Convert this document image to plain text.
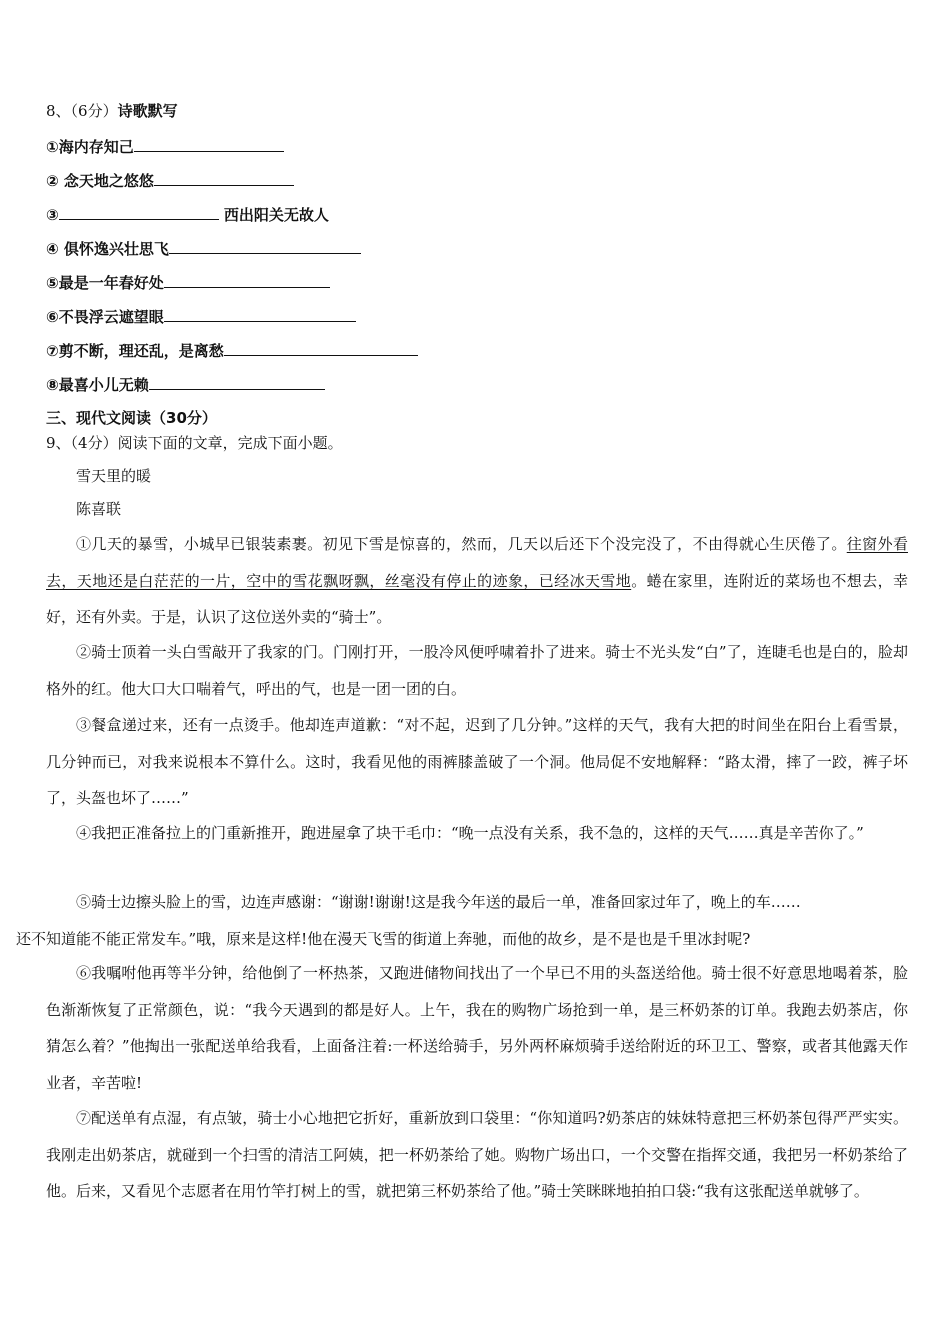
8、（6分）诗歌默写
①海内存知己
② 念天地之悠悠
③	西出阳关无故人
④ 俱怀逸兴壮思飞
⑤最是一年春好处
⑥不畏浮云遮望眼
⑦剪不断，理还乱，是离愁
⑧最喜小儿无赖
三、现代文阅读（30分）
9、（4分）阅读下面的文章，完成下面小题。
雪天里的暖
陈喜联

①几天的暴雪，小城早已银装素裹。初见下雪是惊喜的，然而，几天以后还下个没完没了，不由得就心生厌倦了。往窗外看去，天地还是白茫茫的一片，空中的雪花飘呀飘，丝毫没有停止的迹象，已经冰天雪地。蜷在家里，连附近的菜场也不想去，幸好，还有外卖。于是，认识了这位送外卖的“骑士”。

②骑士顶着一头白雪敲开了我家的门。门刚打开，一股冷风便呼啸着扑了进来。骑士不光头发“白”了，连睫毛也是白的，脸却格外的红。他大口大口喘着气，呼出的气，也是一团一团的白。

③餐盒递过来，还有一点烫手。他却连声道歉：“对不起，迟到了几分钟。”这样的天气，我有大把的时间坐在阳台上看雪景，几分钟而已，对我来说根本不算什么。这时，我看见他的雨裤膝盖破了一个洞。他局促不安地解释：“路太滑，摔了一跤，裤子坏了，头盔也坏了……”

④我把正准备拉上的门重新推开，跑进屋拿了块干毛巾：“晚一点没有关系，我不急的，这样的天气……真是辛苦你了。”

⑤骑士边擦头脸上的雪，边连声感谢：“谢谢!谢谢!这是我今年送的最后一单，准备回家过年了，晚上的车……
还不知道能不能正常发车。”哦，原来是这样!他在漫天飞雪的街道上奔驰，而他的故乡，是不是也是千里冰封呢?

⑥我嘱咐他再等半分钟，给他倒了一杯热茶，又跑进储物间找出了一个早已不用的头盔送给他。骑士很不好意思地喝着茶，脸色渐渐恢复了正常颜色，说：“我今天遇到的都是好人。上午，我在的购物广场抢到一单，是三杯奶茶的订单。我跑去奶茶店，你猜怎么着？”他掏出一张配送单给我看，上面备注着:一杯送给骑手，另外两杯麻烦骑手送给附近的环卫工、警察，或者其他露天作业者，辛苦啦!

⑦配送单有点湿，有点皱，骑士小心地把它折好，重新放到口袋里：“你知道吗?奶茶店的妹妹特意把三杯奶茶包得严严实实。我刚走出奶茶店，就碰到一个扫雪的清洁工阿姨，把一杯奶茶给了她。购物广场出口，一个交警在指挥交通，我把另一杯奶茶给了他。后来，又看见个志愿者在用竹竿打树上的雪，就把第三杯奶茶给了他。”骑士笑眯眯地拍拍口袋:“我有这张配送单就够了。
